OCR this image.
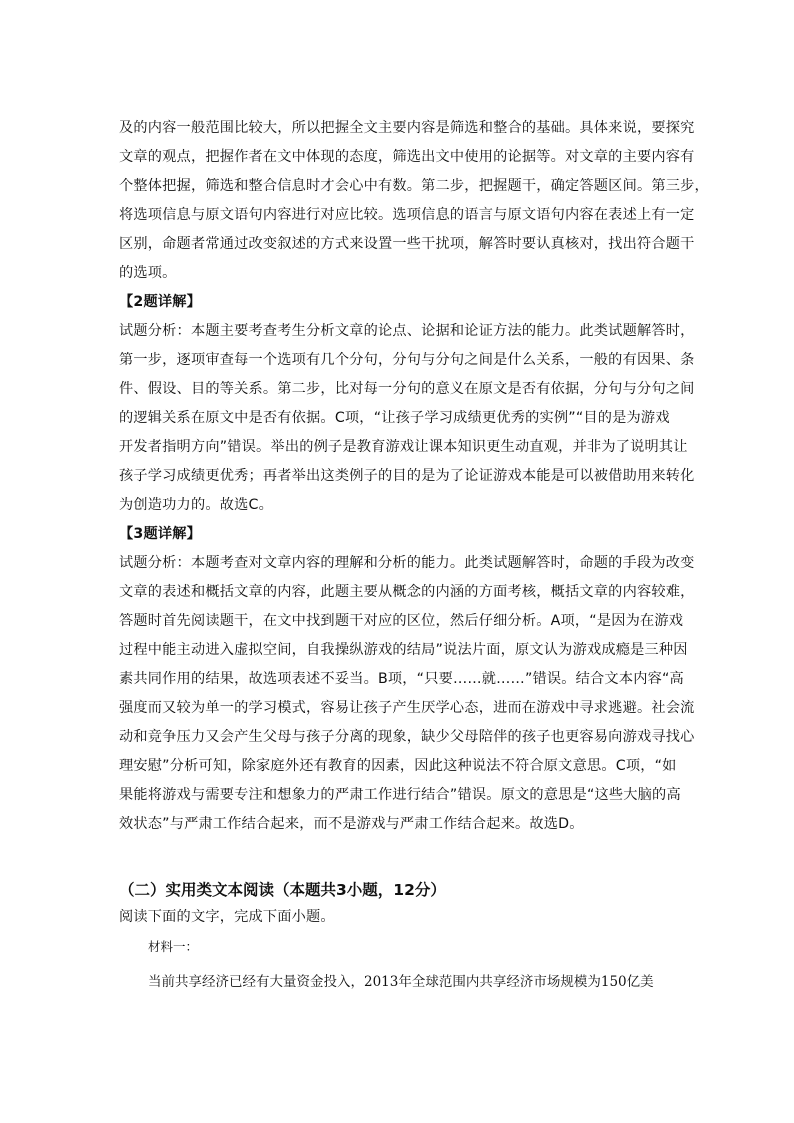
及的内容一般范围比较大，所以把握全文主要内容是筛选和整合的基础。具体来说，要探究
文章的观点，把握作者在文中体现的态度，筛选出文中使用的论据等。对文章的主要内容有
个整体把握，筛选和整合信息时才会心中有数。第二步，把握题干，确定答题区间。第三步，
将选项信息与原文语句内容进行对应比较。选项信息的语言与原文语句内容在表述上有一定
区别，命题者常通过改变叙述的方式来设置一些干扰项，解答时要认真核对，找出符合题干
的选项。
【2题详解】
试题分析：本题主要考查考生分析文章的论点、论据和论证方法的能力。此类试题解答时，
第一步，逐项审查每一个选项有几个分句，分句与分句之间是什么关系，一般的有因果、条
件、假设、目的等关系。第二步，比对每一分句的意义在原文是否有依据，分句与分句之间
的逻辑关系在原文中是否有依据。C项，“让孩子学习成绩更优秀的实例”“目的是为游戏
开发者指明方向”错误。举出的例子是教育游戏让课本知识更生动直观，并非为了说明其让
孩子学习成绩更优秀；再者举出这类例子的目的是为了论证游戏本能是可以被借助用来转化
为创造功力的。故选C。
【3题详解】
试题分析：本题考查对文章内容的理解和分析的能力。此类试题解答时，命题的手段为改变
文章的表述和概括文章的内容，此题主要从概念的内涵的方面考核，概括文章的内容较难，
答题时首先阅读题干，在文中找到题干对应的区位，然后仔细分析。A项，“是因为在游戏
过程中能主动进入虚拟空间，自我操纵游戏的结局”说法片面，原文认为游戏成瘾是三种因
素共同作用的结果，故选项表述不妥当。B项，“只要……就……”错误。结合文本内容“高
强度而又较为单一的学习模式，容易让孩子产生厌学心态，进而在游戏中寻求逃避。社会流
动和竞争压力又会产生父母与孩子分离的现象，缺少父母陪伴的孩子也更容易向游戏寻找心
理安慰”分析可知，除家庭外还有教育的因素，因此这种说法不符合原文意思。C项，“如
果能将游戏与需要专注和想象力的严肃工作进行结合”错误。原文的意思是“这些大脑的高
效状态”与严肃工作结合起来，而不是游戏与严肃工作结合起来。故选D。
（二）实用类文本阅读（本题共3小题，12分）
阅读下面的文字，完成下面小题。
材料一：
当前共享经济已经有大量资金投入，2013年全球范围内共享经济市场规模为150亿美
